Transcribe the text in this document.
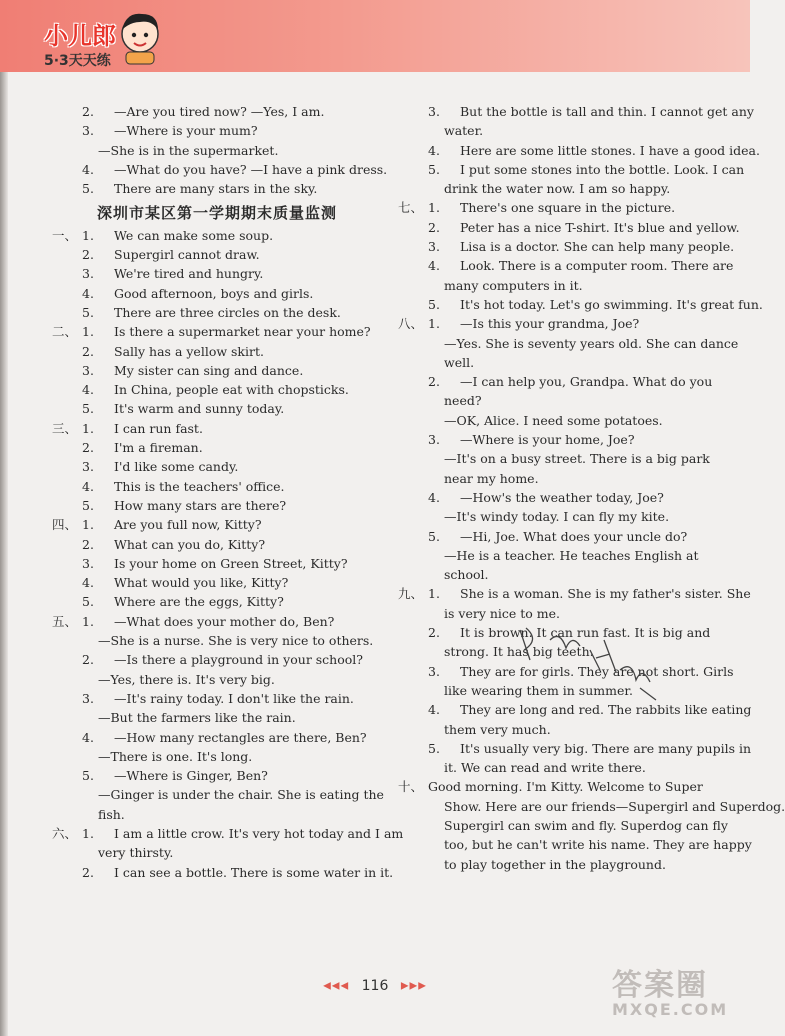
小儿郎
5·3天天练
2. —Are you tired now? —Yes, I am.
3. —Where is your mum?
—She is in the supermarket.
4. —What do you have? —I have a pink dress.
5. There are many stars in the sky.
深圳市某区第一学期期末质量监测
一、 1. We can make some soup.
2. Supergirl cannot draw.
3. We're tired and hungry.
4. Good afternoon, boys and girls.
5. There are three circles on the desk.
二、 1. Is there a supermarket near your home?
2. Sally has a yellow skirt.
3. My sister can sing and dance.
4. In China, people eat with chopsticks.
5. It's warm and sunny today.
三、 1. I can run fast.
2. I'm a fireman.
3. I'd like some candy.
4. This is the teachers' office.
5. How many stars are there?
四、 1. Are you full now, Kitty?
2. What can you do, Kitty?
3. Is your home on Green Street, Kitty?
4. What would you like, Kitty?
5. Where are the eggs, Kitty?
五、 1. —What does your mother do, Ben?
—She is a nurse. She is very nice to others.
2. —Is there a playground in your school?
—Yes, there is. It's very big.
3. —It's rainy today. I don't like the rain.
—But the farmers like the rain.
4. —How many rectangles are there, Ben?
—There is one. It's long.
5. —Where is Ginger, Ben?
—Ginger is under the chair. She is eating the
fish.
六、 1. I am a little crow. It's very hot today and I am
very thirsty.
2. I can see a bottle. There is some water in it.
3. But the bottle is tall and thin. I cannot get any
water.
4. Here are some little stones. I have a good idea.
5. I put some stones into the bottle. Look. I can
drink the water now. I am so happy.
七、 1. There's one square in the picture.
2. Peter has a nice T-shirt. It's blue and yellow.
3. Lisa is a doctor. She can help many people.
4. Look. There is a computer room. There are
many computers in it.
5. It's hot today. Let's go swimming. It's great fun.
八、 1. —Is this your grandma, Joe?
—Yes. She is seventy years old. She can dance
well.
2. —I can help you, Grandpa. What do you
need?
—OK, Alice. I need some potatoes.
3. —Where is your home, Joe?
—It's on a busy street. There is a big park
near my home.
4. —How's the weather today, Joe?
—It's windy today. I can fly my kite.
5. —Hi, Joe. What does your uncle do?
—He is a teacher. He teaches English at
school.
九、 1. She is a woman. She is my father's sister. She
is very nice to me.
2. It is brown. It can run fast. It is big and
strong. It has big teeth.
3. They are for girls. They are not short. Girls
like wearing them in summer.
4. They are long and red. The rabbits like eating
them very much.
5. It's usually very big. There are many pupils in
it. We can read and write there.
十、 Good morning. I'm Kitty. Welcome to Super
Show. Here are our friends—Supergirl and Superdog.
Supergirl can swim and fly. Superdog can fly
too, but he can't write his name. They are happy
to play together in the playground.
◀◀◀ 116 ▶▶▶	答案圈
MXQE.COM
